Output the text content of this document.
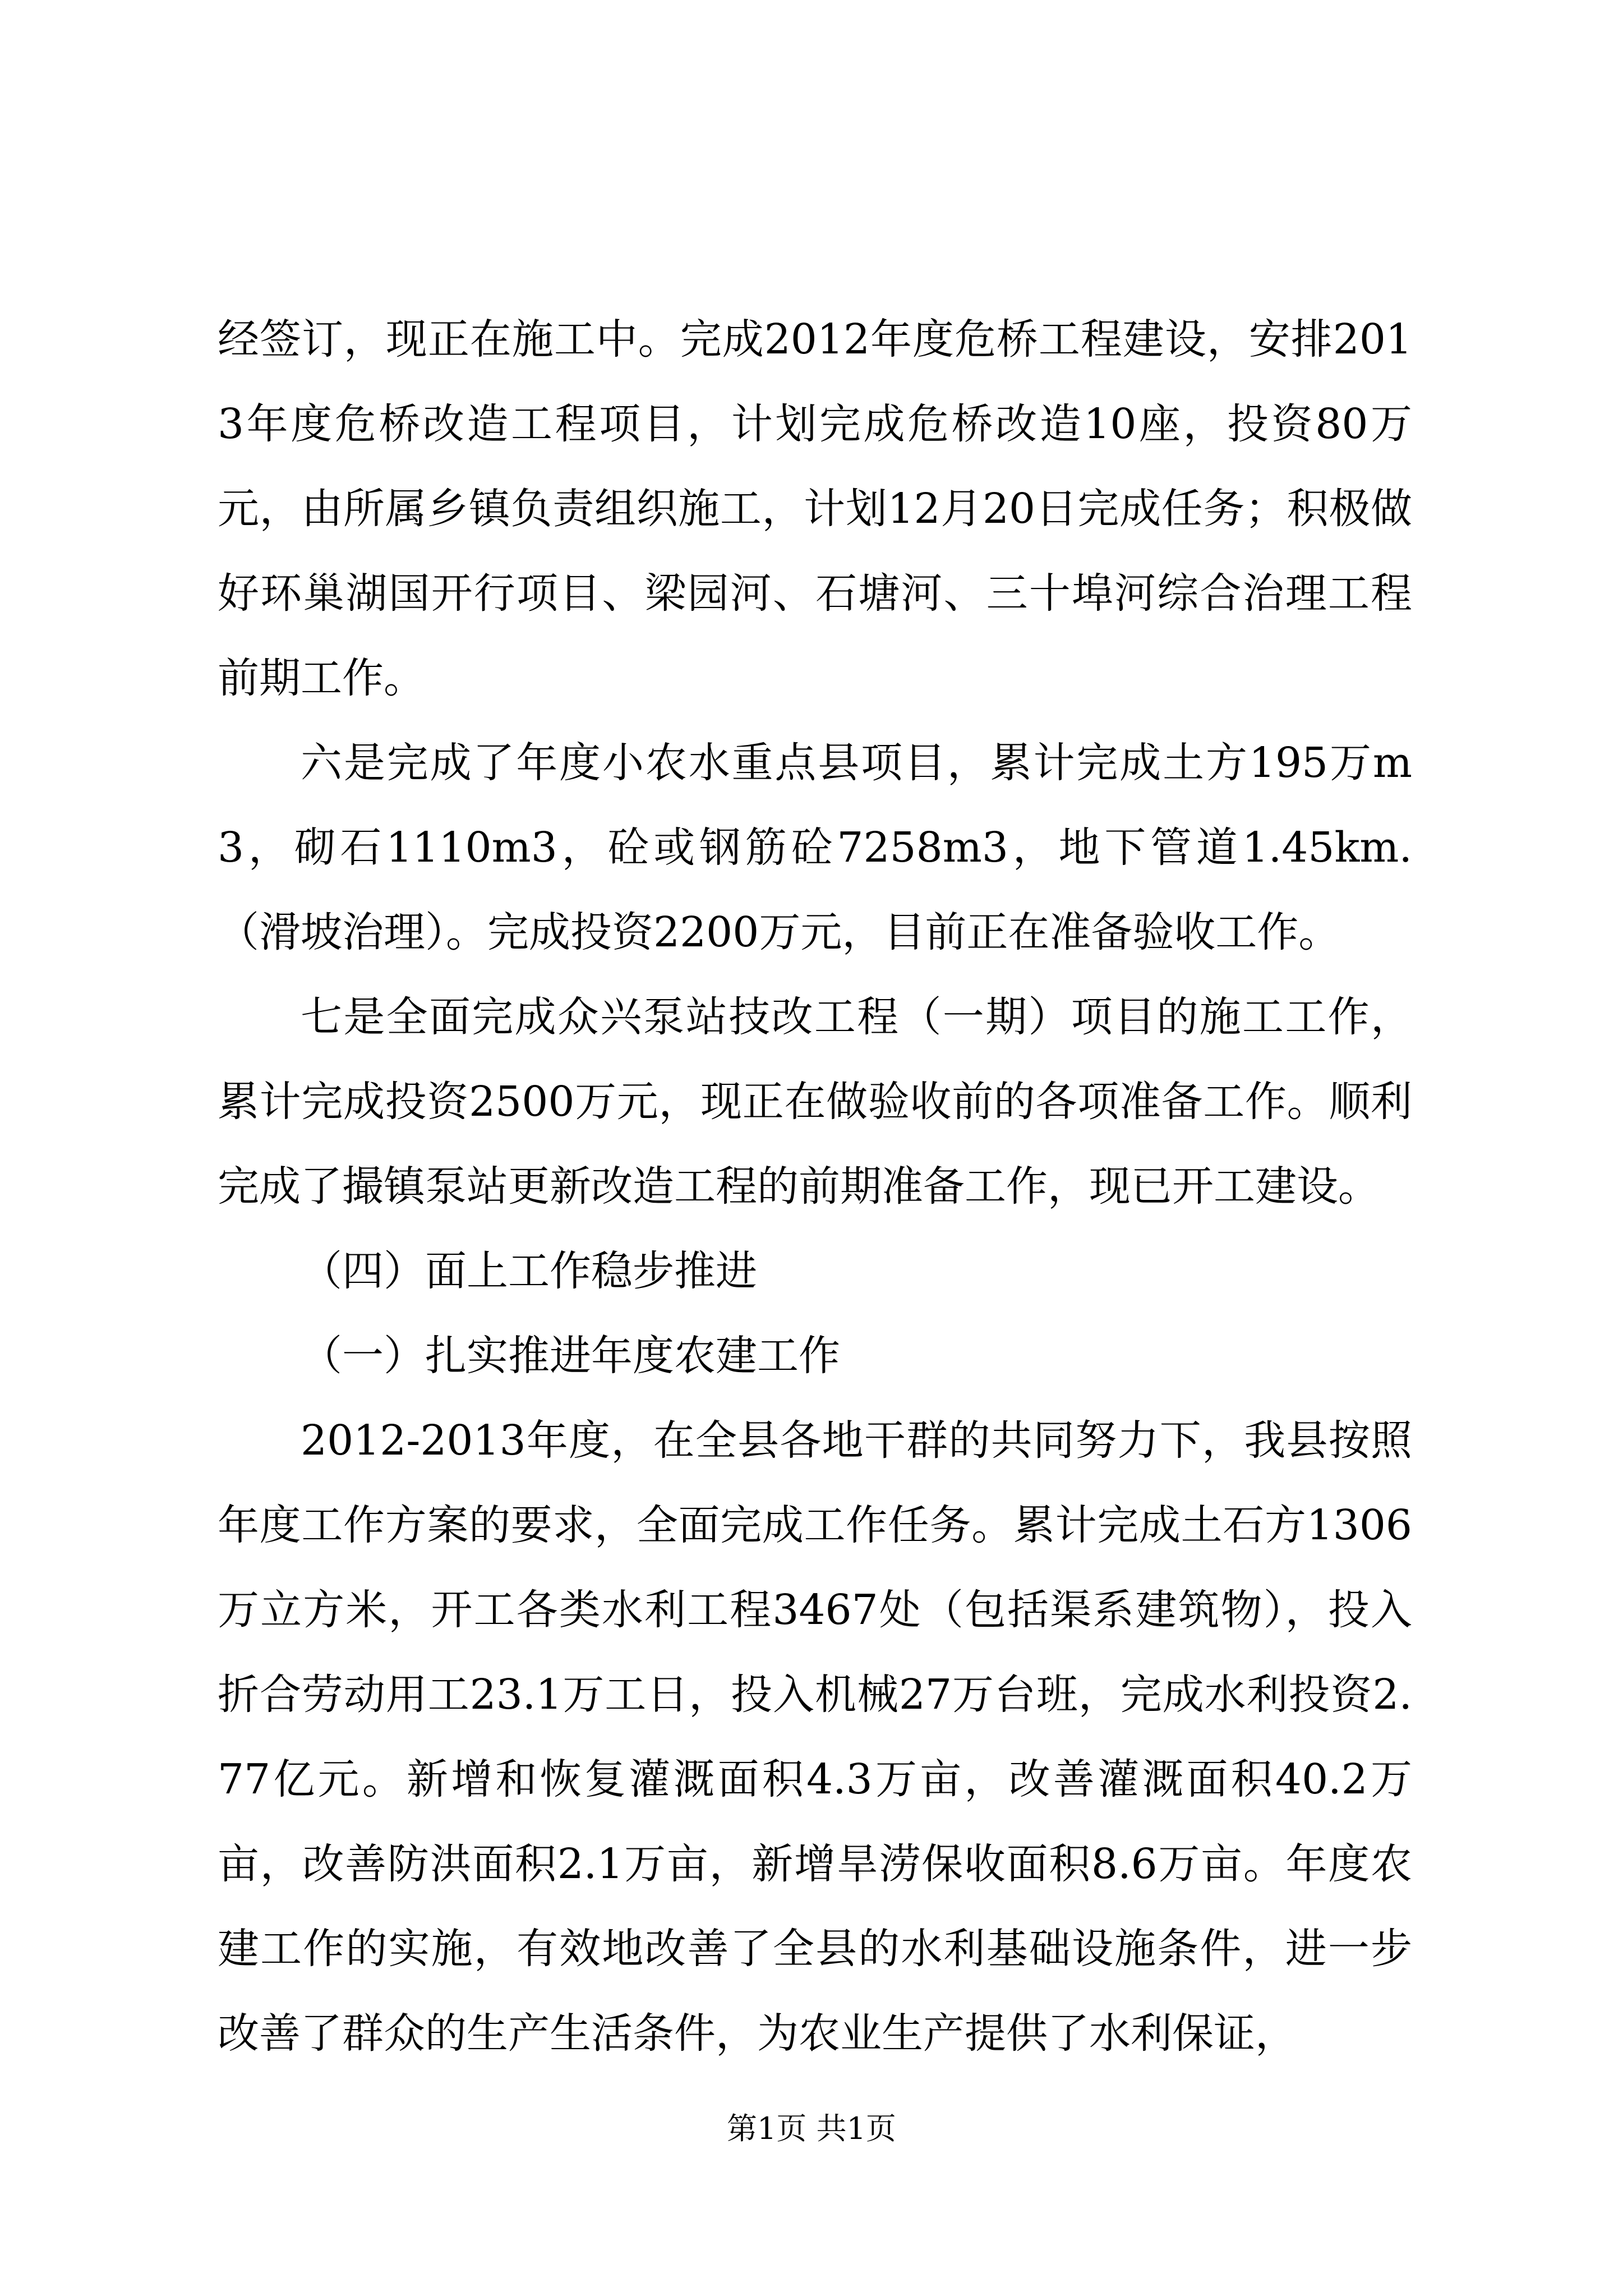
经签订，现正在施工中。完成2012年度危桥工程建设，安排2013年度危桥改造工程项目，计划完成危桥改造10座，投资80万元，由所属乡镇负责组织施工，计划12月20日完成任务；积极做好环巢湖国开行项目、梁园河、石塘河、三十埠河综合治理工程前期工作。

六是完成了年度小农水重点县项目，累计完成土方195万m3，砌石1110m3，砼或钢筋砼7258m3，地下管道1.45km.（滑坡治理）。完成投资2200万元，目前正在准备验收工作。

七是全面完成众兴泵站技改工程（一期）项目的施工工作，累计完成投资2500万元，现正在做验收前的各项准备工作。顺利完成了撮镇泵站更新改造工程的前期准备工作，现已开工建设。

（四）面上工作稳步推进

（一）扎实推进年度农建工作

2012-2013年度，在全县各地干群的共同努力下，我县按照年度工作方案的要求，全面完成工作任务。累计完成土石方1306万立方米，开工各类水利工程3467处（包括渠系建筑物），投入折合劳动用工23.1万工日，投入机械27万台班，完成水利投资2.77亿元。新增和恢复灌溉面积4.3万亩，改善灌溉面积40.2万亩，改善防洪面积2.1万亩，新增旱涝保收面积8.6万亩。年度农建工作的实施，有效地改善了全县的水利基础设施条件，进一步改善了群众的生产生活条件，为农业生产提供了水利保证，

第1页 共1页
